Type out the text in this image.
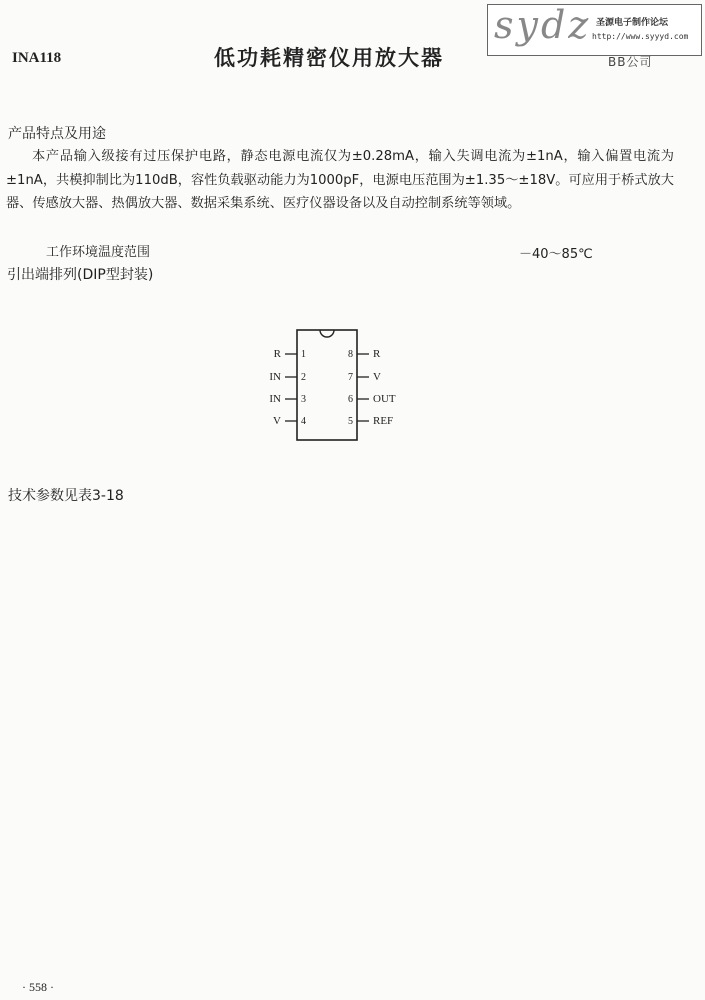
INA118	低功耗精密仪用放大器
sydz 圣源电子制作论坛
http://www.syyyd.com
BB公司
产品特点及用途
本产品输入级接有过压保护电路，静态电源电流仅为±0.28mA，输入失调电流为±1nA，输入偏置电流为±1nA，共模抑制比为110dB，容性负载驱动能力为1000pF，电源电压范围为±1.35～±18V。可应用于桥式放大器、传感放大器、热偶放大器、数据采集系统、医疗仪器设备以及自动控制系统等领域。
工作环境温度范围	－40～85℃
引出端排列(DIP型封装)
R
IN
IN
V
1
2
3
4
8
7
6
5
R
V
OUT
REF
技术参数见表3-18
· 558 ·
